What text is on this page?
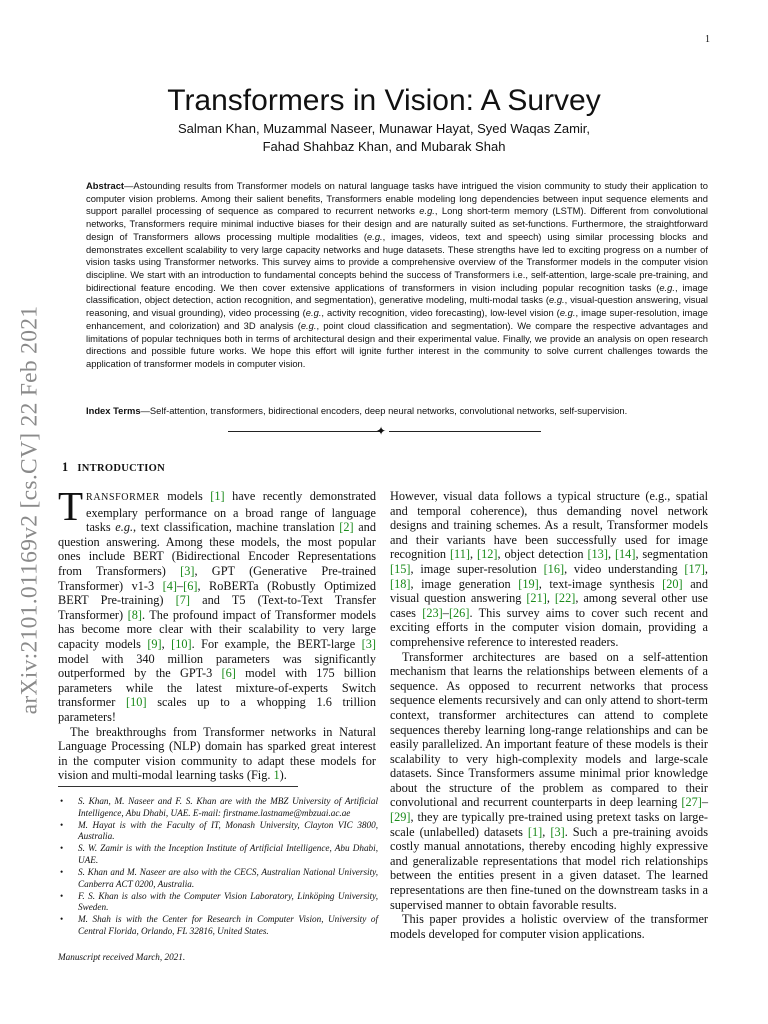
1
arXiv:2101.01169v2 [cs.CV] 22 Feb 2021
Transformers in Vision: A Survey
Salman Khan, Muzammal Naseer, Munawar Hayat, Syed Waqas Zamir,
Fahad Shahbaz Khan, and Mubarak Shah

Abstract—Astounding results from Transformer models on natural language tasks have intrigued the vision community to study their application to computer vision problems. Among their salient benefits, Transformers enable modeling long dependencies between input sequence elements and support parallel processing of sequence as compared to recurrent networks e.g., Long short-term memory (LSTM). Different from convolutional networks, Transformers require minimal inductive biases for their design and are naturally suited as set-functions. Furthermore, the straightforward design of Transformers allows processing multiple modalities (e.g., images, videos, text and speech) using similar processing blocks and demonstrates excellent scalability to very large capacity networks and huge datasets. These strengths have led to exciting progress on a number of vision tasks using Transformer networks. This survey aims to provide a comprehensive overview of the Transformer models in the computer vision discipline. We start with an introduction to fundamental concepts behind the success of Transformers i.e., self-attention, large-scale pre-training, and bidirectional feature encoding. We then cover extensive applications of transformers in vision including popular recognition tasks (e.g., image classification, object detection, action recognition, and segmentation), generative modeling, multi-modal tasks (e.g., visual-question answering, visual reasoning, and visual grounding), video processing (e.g., activity recognition, video forecasting), low-level vision (e.g., image super-resolution, image enhancement, and colorization) and 3D analysis (e.g., point cloud classification and segmentation). We compare the respective advantages and limitations of popular techniques both in terms of architectural design and their experimental value. Finally, we provide an analysis on open research directions and possible future works. We hope this effort will ignite further interest in the community to solve current challenges towards the application of transformer models in computer vision.

Index Terms—Self-attention, transformers, bidirectional encoders, deep neural networks, convolutional networks, self-supervision.

✦
1 INTRODUCTION

TRANSFORMER models [1] have recently demonstrated exemplary performance on a broad range of language tasks e.g., text classification, machine translation [2] and question answering. Among these models, the most popular ones include BERT (Bidirectional Encoder Representations from Transformers) [3], GPT (Generative Pre-trained Transformer) v1-3 [4]–[6], RoBERTa (Robustly Optimized BERT Pre-training) [7] and T5 (Text-to-Text Transfer Transformer) [8]. The profound impact of Transformer models has become more clear with their scalability to very large capacity models [9], [10]. For example, the BERT-large [3] model with 340 million parameters was significantly outperformed by the GPT-3 [6] model with 175 billion parameters while the latest mixture-of-experts Switch transformer [10] scales up to a whopping 1.6 trillion parameters!

The breakthroughs from Transformer networks in Natural Language Processing (NLP) domain has sparked great interest in the computer vision community to adapt these models for vision and multi-modal learning tasks (Fig. 1).

However, visual data follows a typical structure (e.g., spatial and temporal coherence), thus demanding novel network designs and training schemes. As a result, Transformer models and their variants have been successfully used for image recognition [11], [12], object detection [13], [14], segmentation [15], image super-resolution [16], video understanding [17], [18], image generation [19], text-image synthesis [20] and visual question answering [21], [22], among several other use cases [23]–[26]. This survey aims to cover such recent and exciting efforts in the computer vision domain, providing a comprehensive reference to interested readers.

Transformer architectures are based on a self-attention mechanism that learns the relationships between elements of a sequence. As opposed to recurrent networks that process sequence elements recursively and can only attend to short-term context, transformer architectures can attend to complete sequences thereby learning long-range relationships and can be easily parallelized. An important feature of these models is their scalability to very high-complexity models and large-scale datasets. Since Transformers assume minimal prior knowledge about the structure of the problem as compared to their convolutional and recurrent counterparts in deep learning [27]–[29], they are typically pre-trained using pretext tasks on large-scale (unlabelled) datasets [1], [3]. Such a pre-training avoids costly manual annotations, thereby encoding highly expressive and generalizable representations that model rich relationships between the entities present in a given dataset. The learned representations are then fine-tuned on the downstream tasks in a supervised manner to obtain favorable results.

This paper provides a holistic overview of the transformer models developed for computer vision applications.

• S. Khan, M. Naseer and F. S. Khan are with the MBZ University of Artificial Intelligence, Abu Dhabi, UAE. E-mail: firstname.lastname@mbzuai.ac.ae
• M. Hayat is with the Faculty of IT, Monash University, Clayton VIC 3800, Australia.
• S. W. Zamir is with the Inception Institute of Artificial Intelligence, Abu Dhabi, UAE.
• S. Khan and M. Naseer are also with the CECS, Australian National University, Canberra ACT 0200, Australia.
• F. S. Khan is also with the Computer Vision Laboratory, Linköping University, Sweden.
• M. Shah is with the Center for Research in Computer Vision, University of Central Florida, Orlando, FL 32816, United States.
Manuscript received March, 2021.
